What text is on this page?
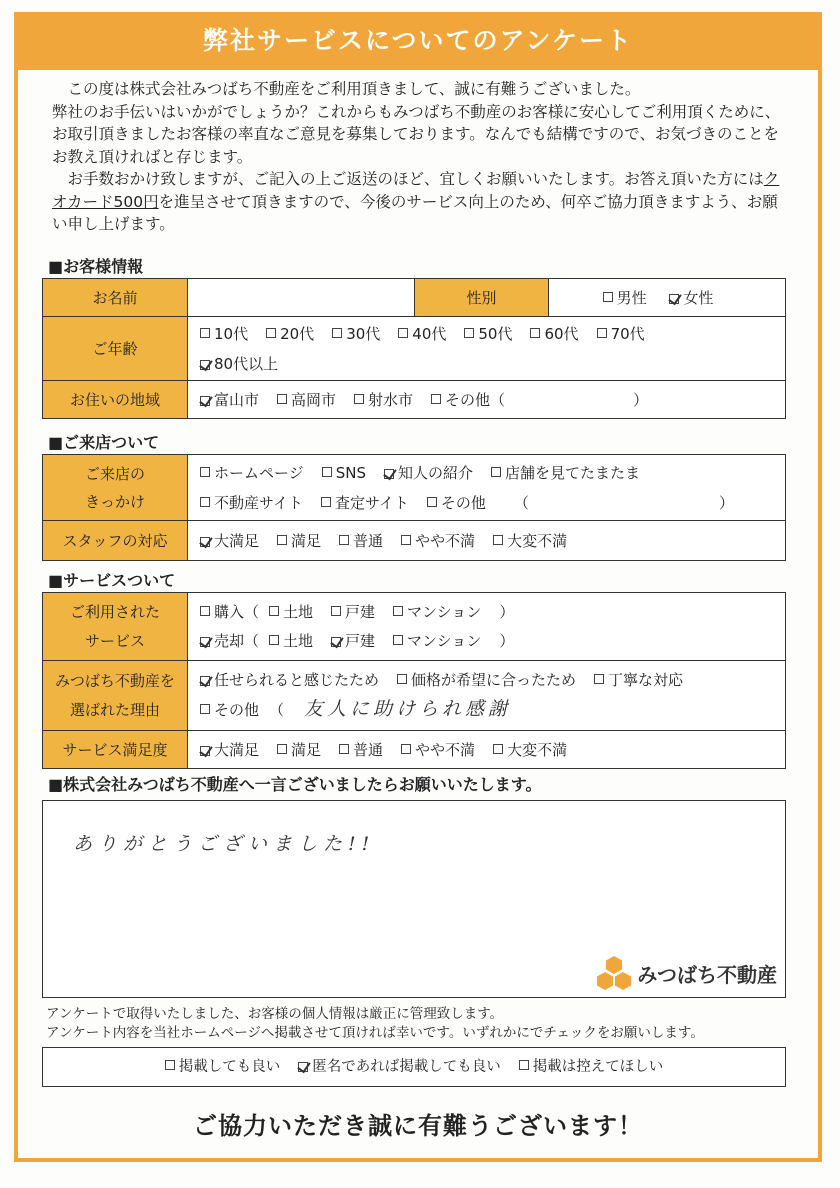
弊社サービスについてのアンケート

この度は株式会社みつばち不動産をご利用頂きまして、誠に有難うございました。

弊社のお手伝いはいかがでしょうか？これからもみつばち不動産のお客様に安心してご利用頂くために、お取引頂きましたお客様の率直なご意見を募集しております。なんでも結構ですので、お気づきのことをお教え頂ければと存じます。

お手数おかけ致しますが、ご記入の上ご返送のほど、宜しくお願いいたします。お答え頂いた方にはクオカード500円を進呈させて頂きますので、今後のサービス向上のため、何卒ご協力頂きますよう、お願い申し上げます。

■お客様情報
お名前		性別	男性 女性
ご年齢	10代 20代 30代 40代 50代 60代 70代
80代以上		
お住いの地域	富山市 高岡市 射水市 その他（ ）		
■ご来店ついて
ご来店の
きっかけ	ホームページ SNS 知人の紹介 店舗を見てたまたま
不動産サイト 査定サイト その他 （ ）
スタッフの対応	大満足 満足 普通 やや不満 大変不満
■サービスついて
ご利用された
サービス	購入（ 土地 戸建 マンション ）
売却（ 土地 戸建 マンション ）
みつばち不動産を
選ばれた理由	任せられると感じたため 価格が希望に合ったため 丁寧な対応
その他 （ 友人に助けられ感謝
サービス満足度	大満足 満足 普通 やや不満 大変不満
■株式会社みつばち不動産へ一言ございましたらお願いいたします。
ありがとうございました!!
みつばち不動産
アンケートで取得いたしました、お客様の個人情報は厳正に管理致します。
アンケート内容を当社ホームページへ掲載させて頂ければ幸いです。いずれかにでチェックをお願いします。
掲載しても良い 匿名であれば掲載しても良い 掲載は控えてほしい
ご協力いただき誠に有難うございます！
